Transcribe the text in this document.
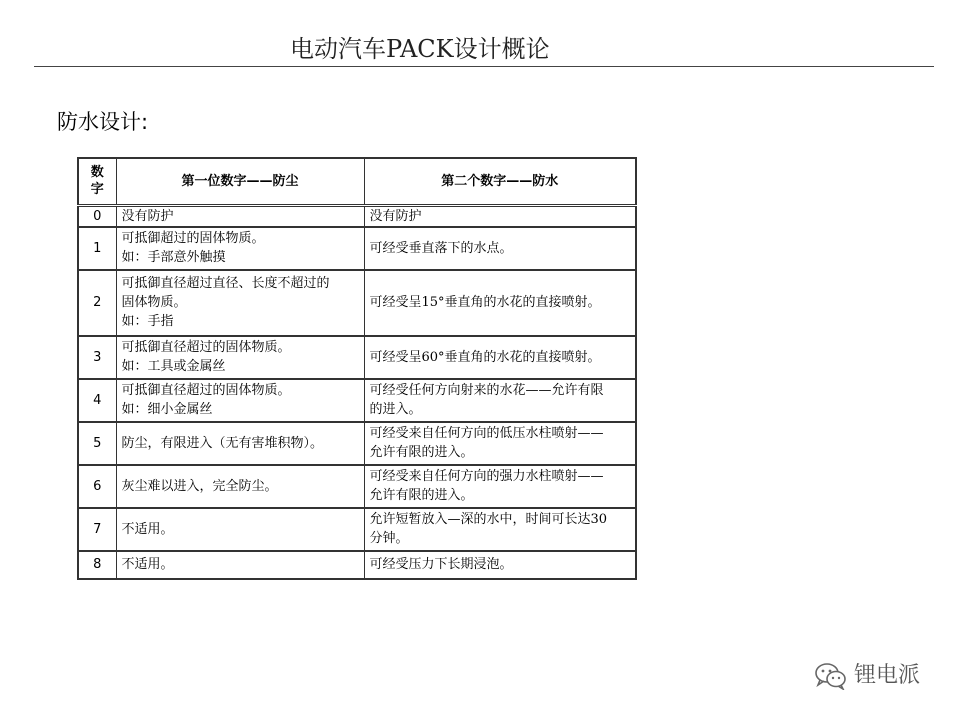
电动汽车PACK设计概论
防水设计:
数
字	第一位数字——防尘	第二个数字——防水
0	没有防护	没有防护

1	可抵御超过的固体物质。
如：手部意外触摸	可经受垂直落下的水点。

2	可抵御直径超过直径、长度不超过的
固体物质。
如：手指	可经受呈15°垂直角的水花的直接喷射。

3	可抵御直径超过的固体物质。
如：工具或金属丝	可经受呈60°垂直角的水花的直接喷射。

4	可抵御直径超过的固体物质。
如：细小金属丝	可经受任何方向射来的水花——允许有限
的进入。

5	防尘，有限进入（无有害堆积物）。	可经受来自任何方向的低压水柱喷射——
允许有限的进入。

6	灰尘难以进入，完全防尘。	可经受来自任何方向的强力水柱喷射——
允许有限的进入。

7	不适用。	允许短暂放入—深的水中，时间可长达30
分钟。

8	不适用。	可经受压力下长期浸泡。
锂电派
